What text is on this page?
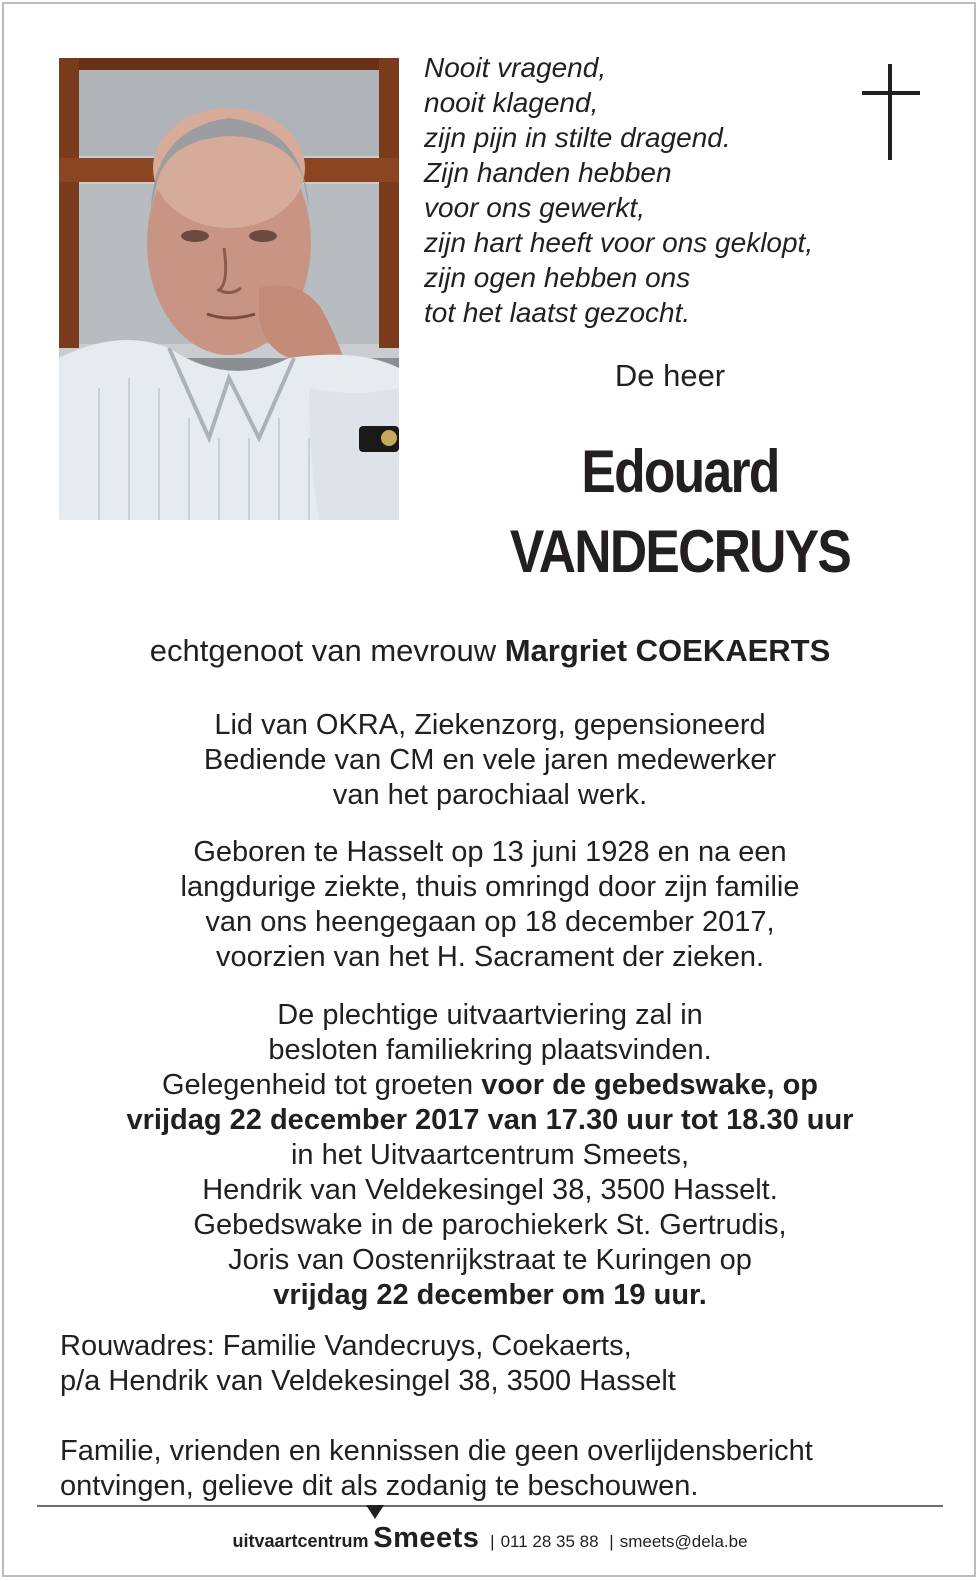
Nooit vragend,
nooit klagend,
zijn pijn in stilte dragend.
Zijn handen hebben
voor ons gewerkt,
zijn hart heeft voor ons geklopt,
zijn ogen hebben ons
tot het laatst gezocht.
De heer
Edouard
VANDECRUYS
echtgenoot van mevrouw Margriet COEKAERTS
Lid van OKRA, Ziekenzorg, gepensioneerd
Bediende van CM en vele jaren medewerker
van het parochiaal werk.
Geboren te Hasselt op 13 juni 1928 en na een
langdurige ziekte, thuis omringd door zijn familie
van ons heengegaan op 18 december 2017,
voorzien van het H. Sacrament der zieken.
De plechtige uitvaartviering zal in
besloten familiekring plaatsvinden.
Gelegenheid tot groeten voor de gebedswake, op
vrijdag 22 december 2017 van 17.30 uur tot 18.30 uur
in het Uitvaartcentrum Smeets,
Hendrik van Veldekesingel 38, 3500 Hasselt.
Gebedswake in de parochiekerk St. Gertrudis,
Joris van Oostenrijkstraat te Kuringen op
vrijdag 22 december om 19 uur.
Rouwadres: Familie Vandecruys, Coekaerts,
p/a Hendrik van Veldekesingel 38, 3500 Hasselt
Familie, vrienden en kennissen die geen overlijdensbericht
ontvingen, gelieve dit als zodanig te beschouwen.
uitvaartcentrum Smeets | 011 28 35 88 | smeets@dela.be
